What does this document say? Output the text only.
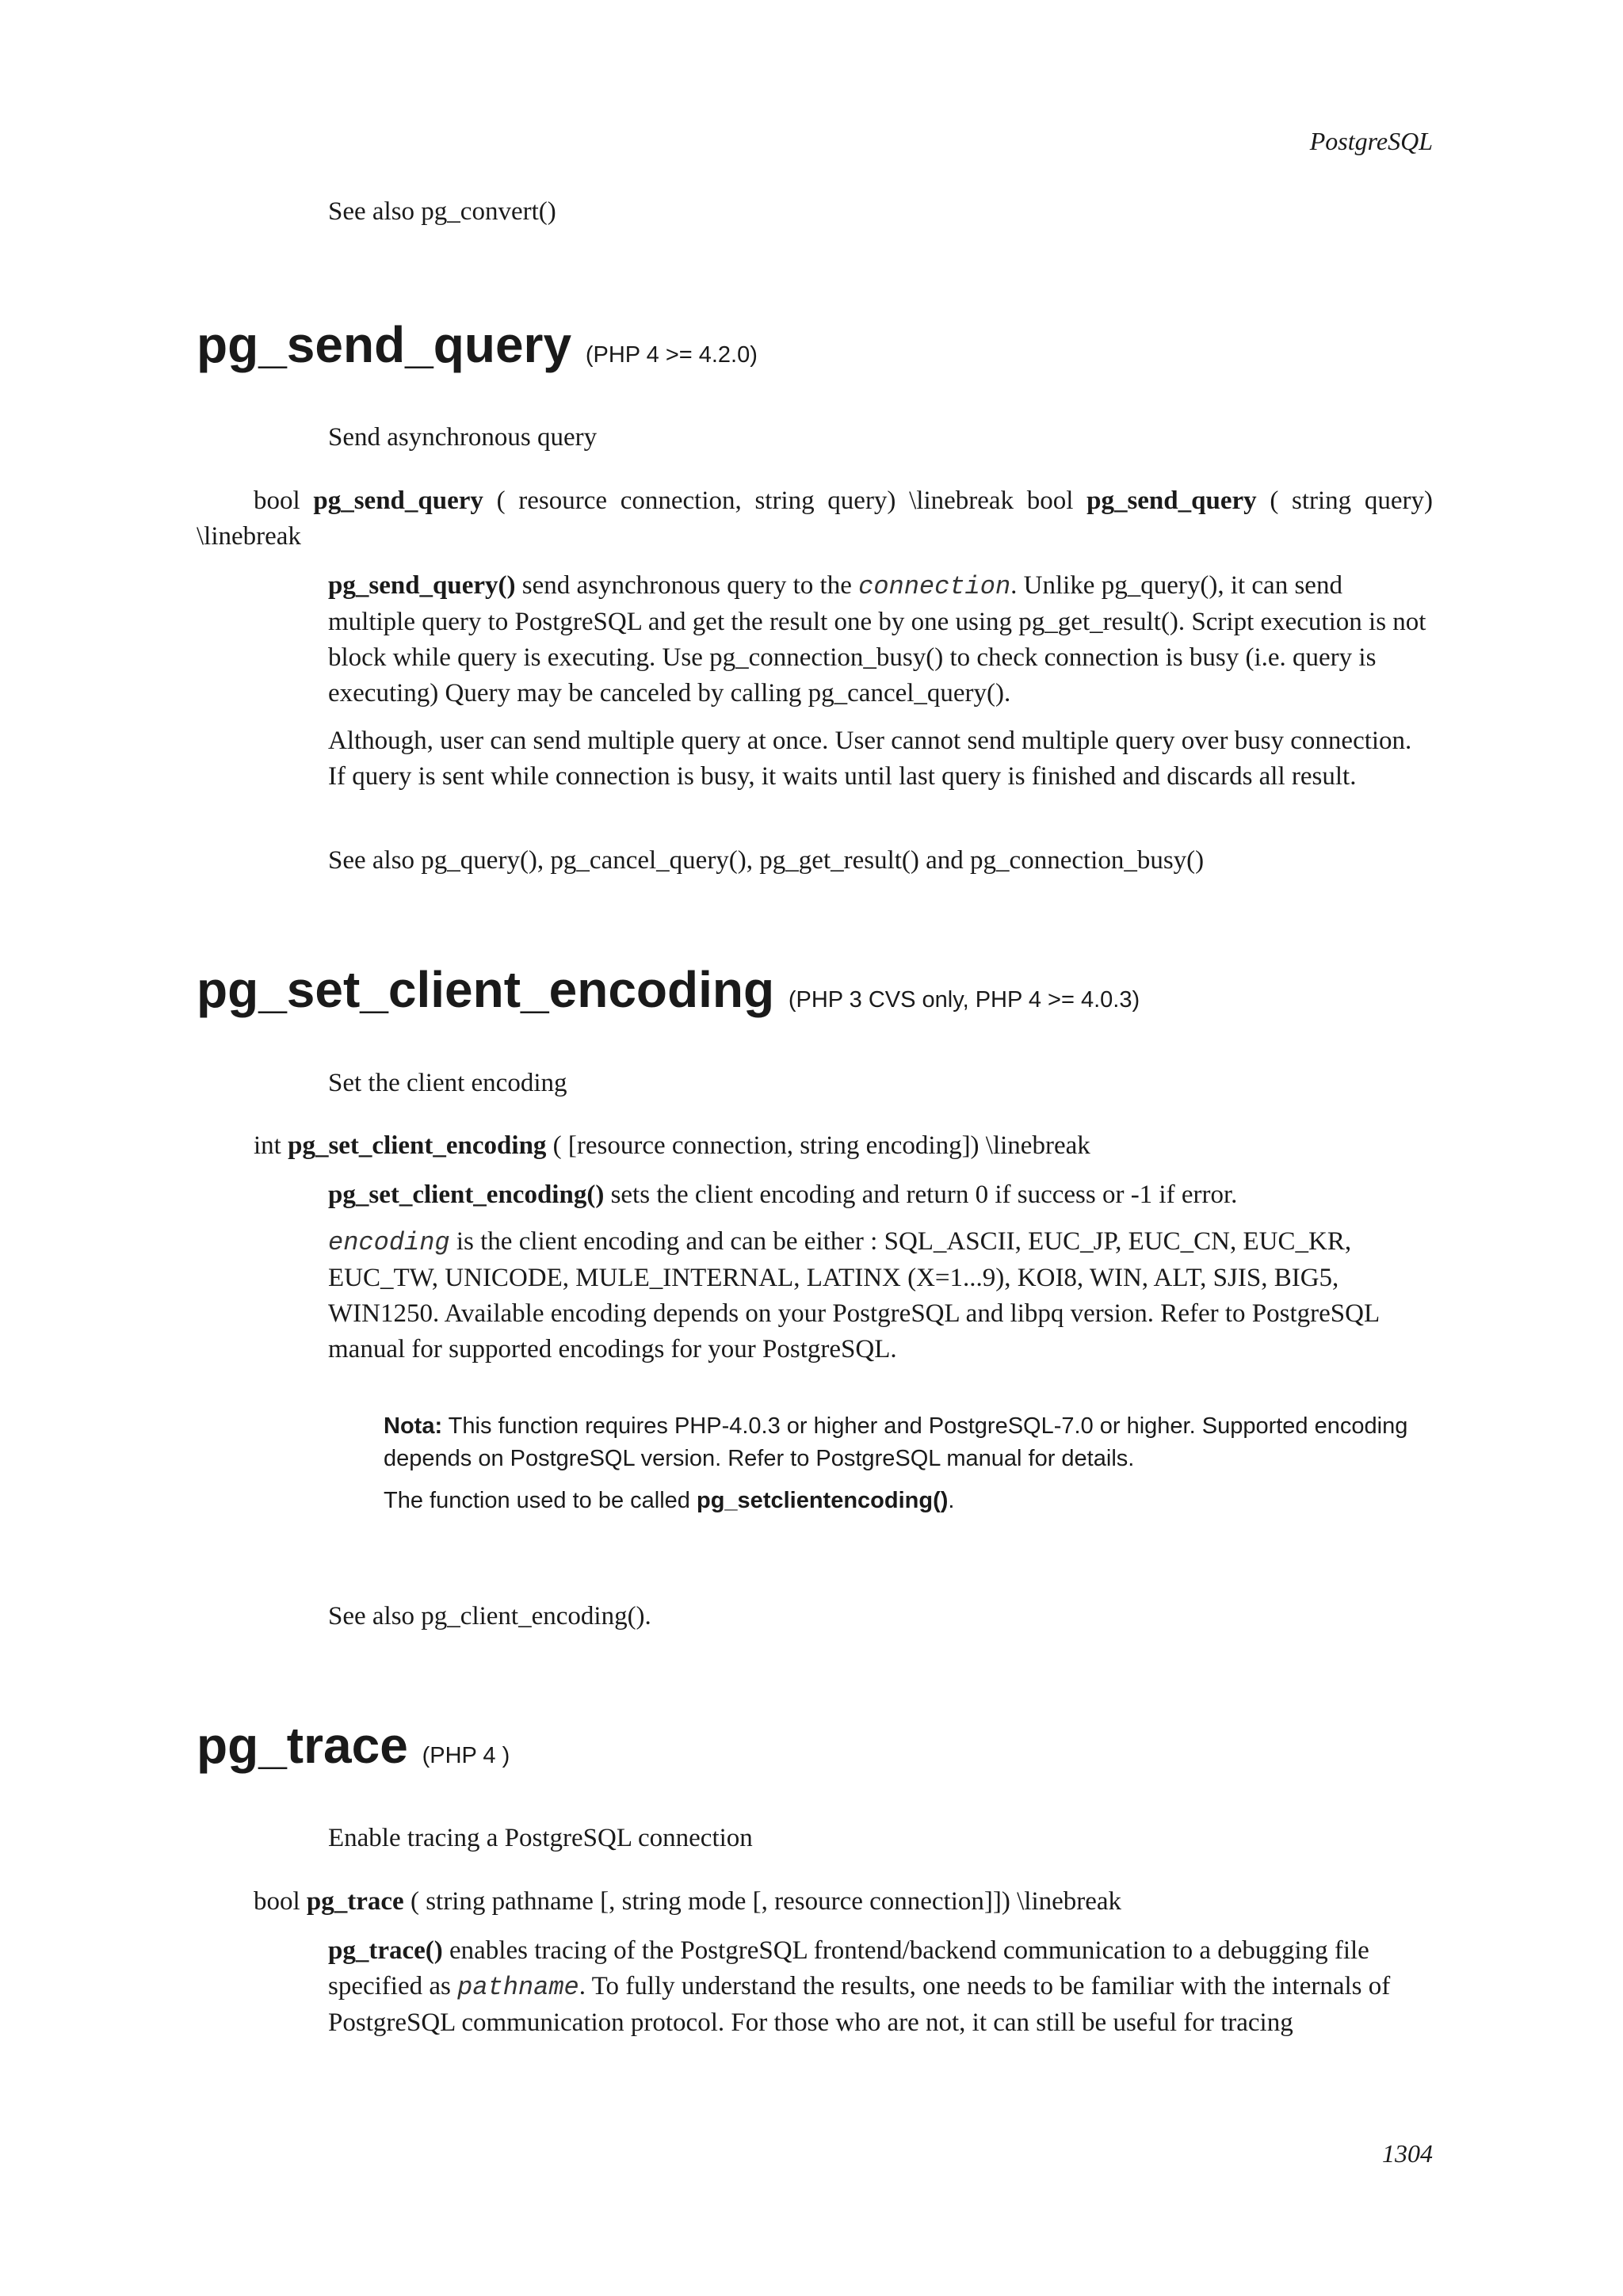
PostgreSQL
See also pg_convert()
pg_send_query (PHP 4 >= 4.2.0)
Send asynchronous query
bool pg_send_query ( resource connection, string query) \linebreak bool pg_send_query ( string query) \linebreak
pg_send_query() send asynchronous query to the connection. Unlike pg_query(), it can send multiple query to PostgreSQL and get the result one by one using pg_get_result(). Script execution is not block while query is executing. Use pg_connection_busy() to check connection is busy (i.e. query is executing) Query may be canceled by calling pg_cancel_query().
Although, user can send multiple query at once. User cannot send multiple query over busy connection. If query is sent while connection is busy, it waits until last query is finished and discards all result.
See also pg_query(), pg_cancel_query(), pg_get_result() and pg_connection_busy()
pg_set_client_encoding (PHP 3 CVS only, PHP 4 >= 4.0.3)
Set the client encoding
int pg_set_client_encoding ( [resource connection, string encoding]) \linebreak
pg_set_client_encoding() sets the client encoding and return 0 if success or -1 if error.
encoding is the client encoding and can be either : SQL_ASCII, EUC_JP, EUC_CN, EUC_KR, EUC_TW, UNICODE, MULE_INTERNAL, LATINX (X=1...9), KOI8, WIN, ALT, SJIS, BIG5, WIN1250. Available encoding depends on your PostgreSQL and libpq version. Refer to PostgreSQL manual for supported encodings for your PostgreSQL.
Nota: This function requires PHP-4.0.3 or higher and PostgreSQL-7.0 or higher. Supported encoding depends on PostgreSQL version. Refer to PostgreSQL manual for details.
The function used to be called pg_setclientencoding().
See also pg_client_encoding().
pg_trace (PHP 4 )
Enable tracing a PostgreSQL connection
bool pg_trace ( string pathname [, string mode [, resource connection]]) \linebreak
pg_trace() enables tracing of the PostgreSQL frontend/backend communication to a debugging file specified as pathname. To fully understand the results, one needs to be familiar with the internals of PostgreSQL communication protocol. For those who are not, it can still be useful for tracing
1304
